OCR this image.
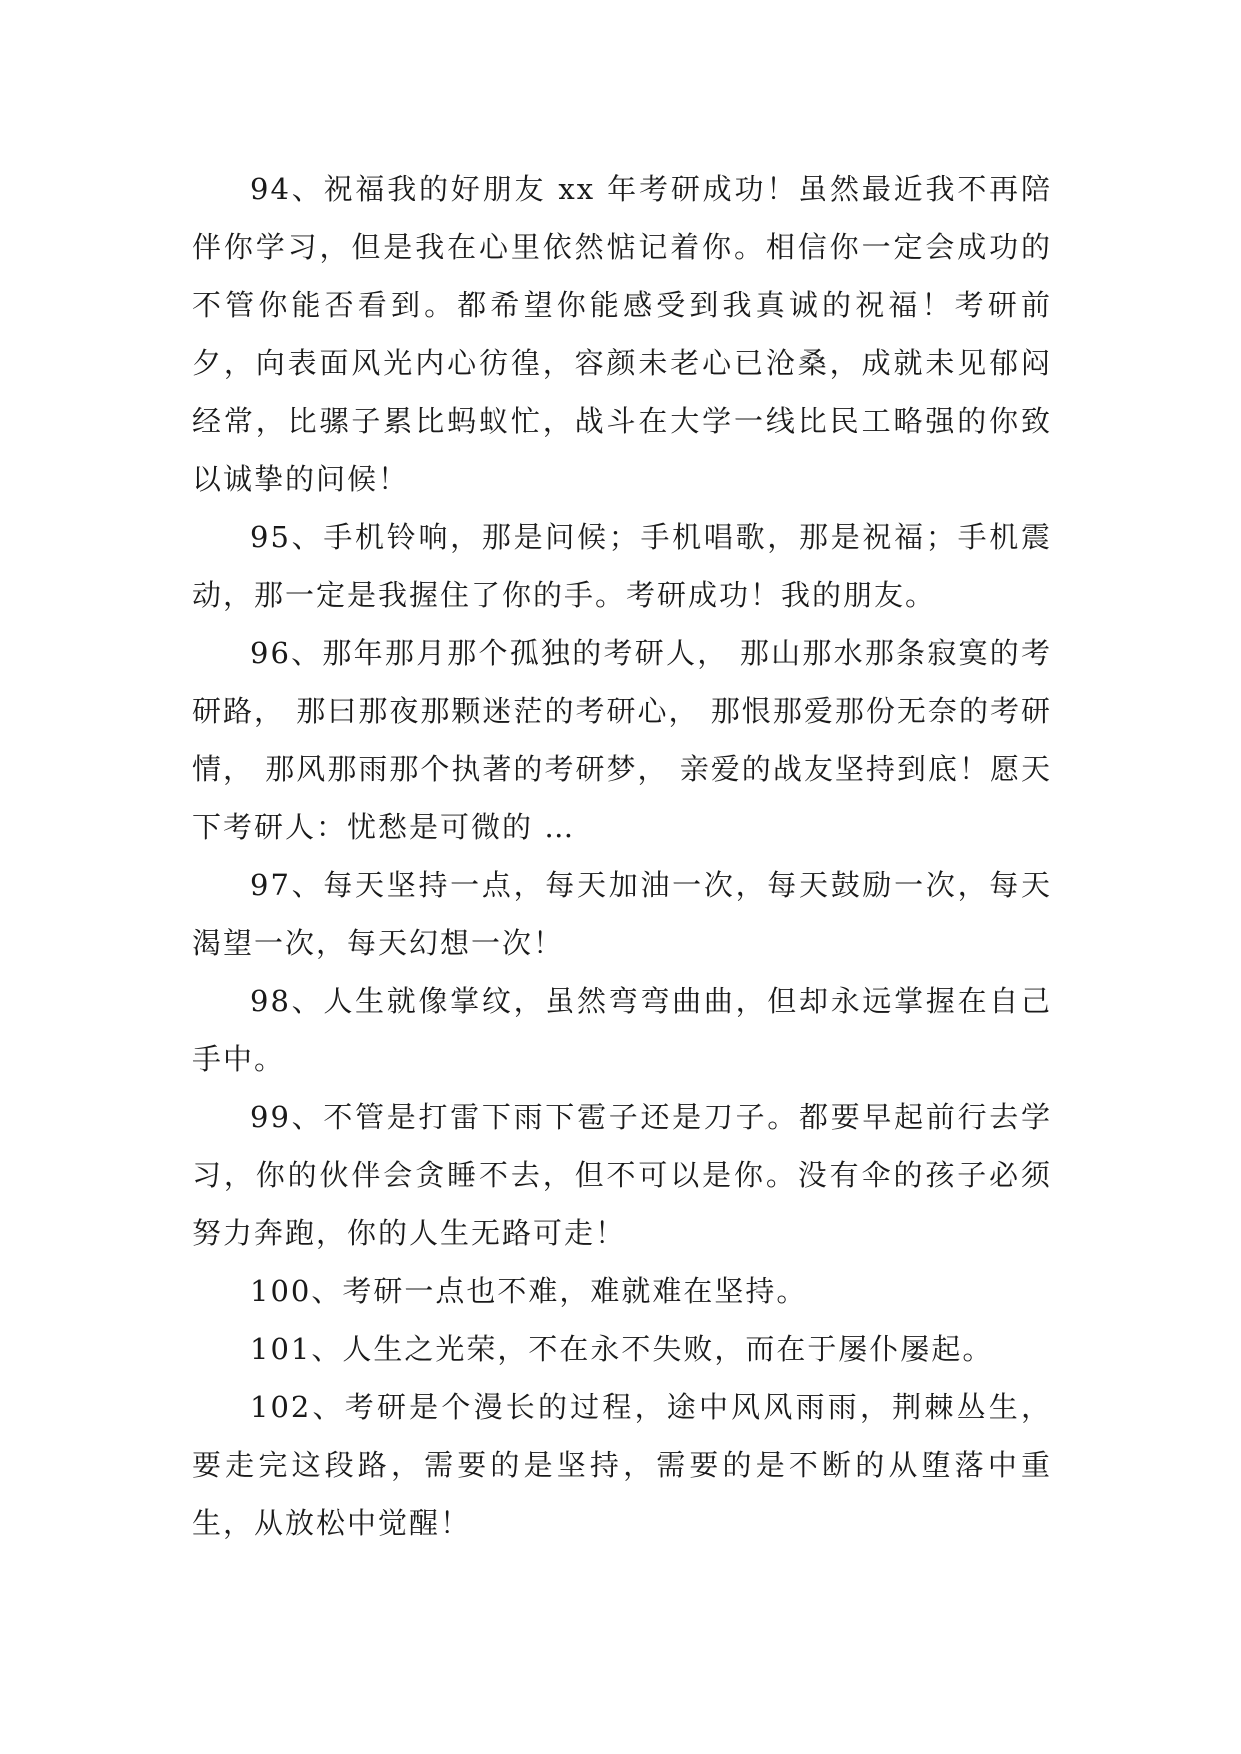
94、祝福我的好朋友 xx 年考研成功！虽然最近我不再陪伴你学习，但是我在心里依然惦记着你。相信你一定会成功的不管你能否看到。都希望你能感受到我真诚的祝福！考研前夕，向表面风光内心彷徨，容颜未老心已沧桑，成就未见郁闷经常，比骡子累比蚂蚁忙，战斗在大学一线比民工略强的你致以诚挚的问候！

95、手机铃响，那是问候；手机唱歌，那是祝福；手机震动，那一定是我握住了你的手。考研成功！我的朋友。

96、那年那月那个孤独的考研人， 那山那水那条寂寞的考研路， 那曰那夜那颗迷茫的考研心， 那恨那爱那份无奈的考研情， 那风那雨那个执著的考研梦， 亲爱的战友坚持到底！愿天下考研人：忧愁是可微的 …

97、每天坚持一点，每天加油一次，每天鼓励一次，每天渴望一次，每天幻想一次！

98、人生就像掌纹，虽然弯弯曲曲，但却永远掌握在自己手中。

99、不管是打雷下雨下雹子还是刀子。都要早起前行去学习，你的伙伴会贪睡不去，但不可以是你。没有伞的孩子必须努力奔跑，你的人生无路可走！

100、考研一点也不难，难就难在坚持。

101、人生之光荣，不在永不失败，而在于屡仆屡起。

102、考研是个漫长的过程，途中风风雨雨，荆棘丛生，要走完这段路，需要的是坚持，需要的是不断的从堕落中重生，从放松中觉醒！
